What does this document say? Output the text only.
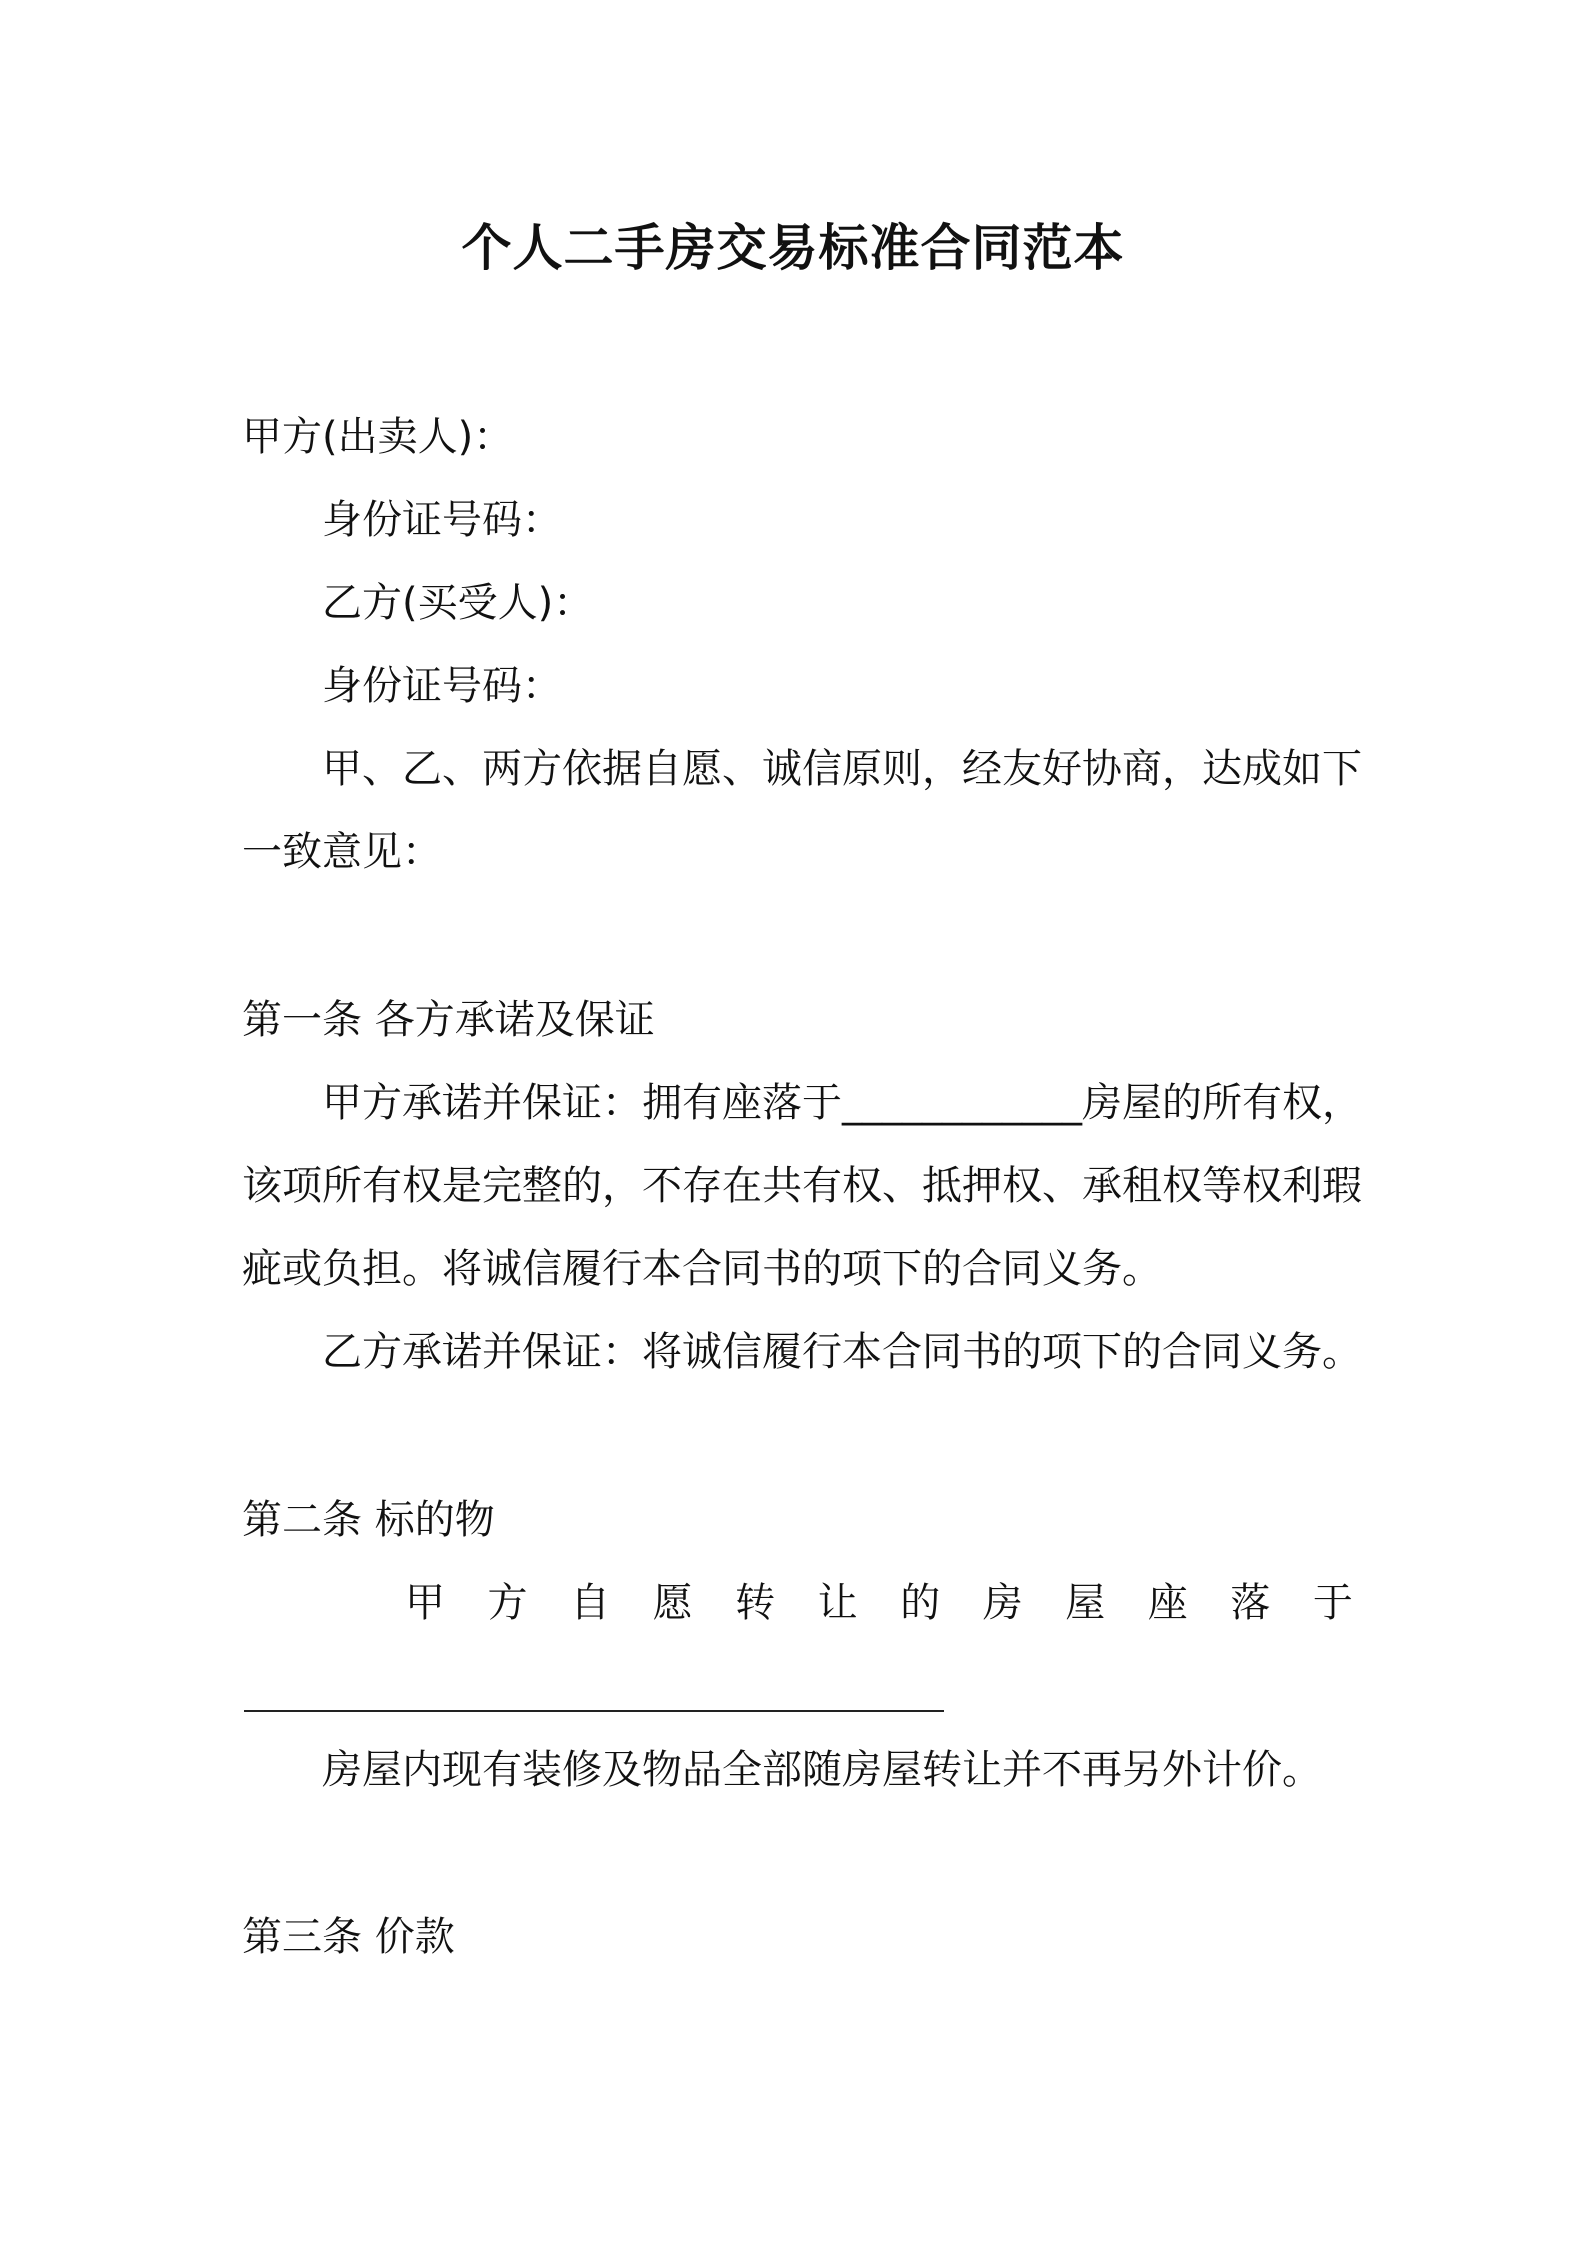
个人二手房交易标准合同范本
甲方(出卖人)：
身份证号码：
乙方(买受人)：
身份证号码：
甲、乙、两方依据自愿、诚信原则，经友好协商，达成如下
一致意见：
第一条 各方承诺及保证
甲方承诺并保证：拥有座落于____________房屋的所有权，
该项所有权是完整的，不存在共有权、抵押权、承租权等权利瑕
疵或负担。将诚信履行本合同书的项下的合同义务。
乙方承诺并保证：将诚信履行本合同书的项下的合同义务。
第二条 标的物
甲 方 自 愿 转 让 的 房 屋 座 落 于
房屋内现有装修及物品全部随房屋转让并不再另外计价。
第三条 价款
